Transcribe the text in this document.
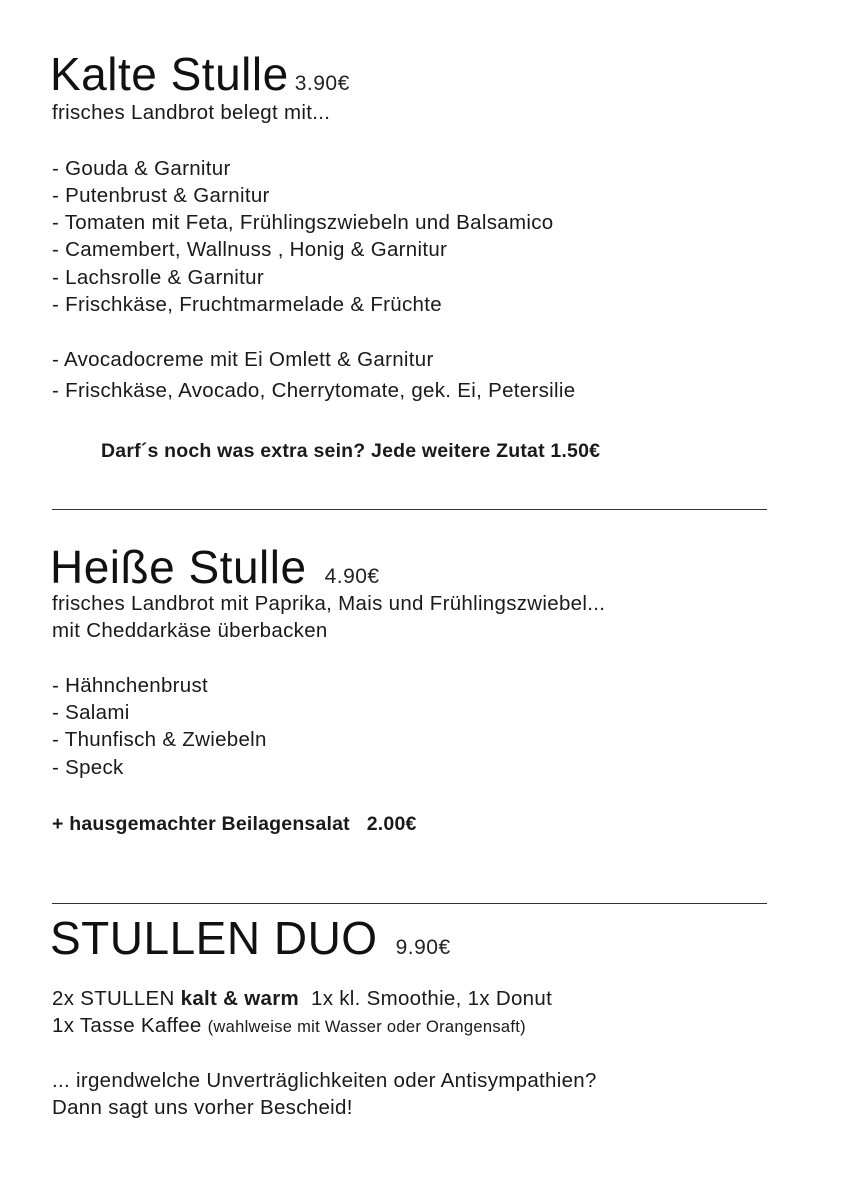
Kalte Stulle 3.90€
frisches Landbrot belegt mit...
- Gouda & Garnitur
- Putenbrust & Garnitur
- Tomaten mit Feta, Frühlingszwiebeln und Balsamico
- Camembert, Wallnuss , Honig & Garnitur
- Lachsrolle & Garnitur
- Frischkäse, Fruchtmarmelade & Früchte
- Avocadocreme mit Ei Omlett & Garnitur
- Frischkäse, Avocado, Cherrytomate, gek. Ei, Petersilie
Darf´s noch was extra sein? Jede weitere Zutat 1.50€
Heiße Stulle 4.90€
frisches Landbrot mit Paprika, Mais und Frühlingszwiebel...
mit Cheddarkäse überbacken
- Hähnchenbrust
- Salami
- Thunfisch & Zwiebeln
- Speck
+ hausgemachter Beilagensalat   2.00€
STULLEN DUO 9.90€
2x STULLEN kalt & warm  1x kl. Smoothie, 1x Donut
1x Tasse Kaffee (wahlweise mit Wasser oder Orangensaft)
... irgendwelche Unverträglichkeiten oder Antisympathien?
Dann sagt uns vorher Bescheid!
